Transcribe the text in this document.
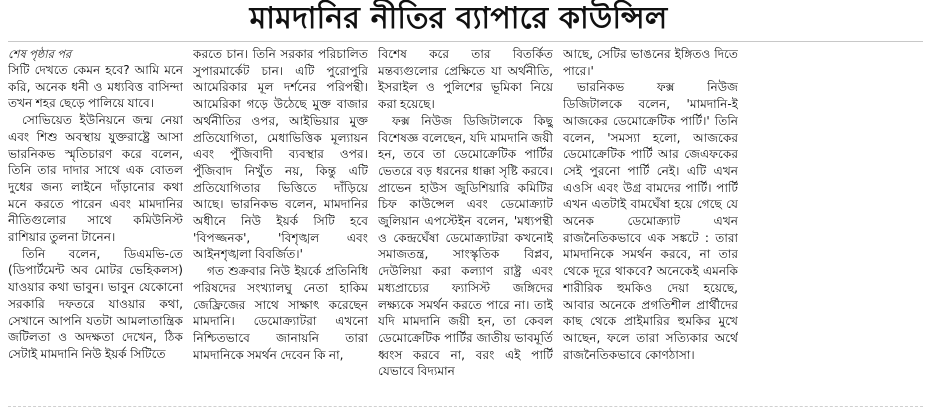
মামদানির নীতির ব্যাপারে কাউন্সিল

শেষ পৃষ্ঠার পর

সিটি দেখতে কেমন হবে? আমি মনে করি, অনেক ধনী ও মধ্যবিত্ত বাসিন্দা তখন শহর ছেড়ে পালিয়ে যাবে।

সোভিয়েত ইউনিয়নে জন্ম নেয়া এবং শিশু অবস্থায় যুক্তরাষ্ট্রে আসা ভারনিকভ স্মৃতিচারণ করে বলেন, তিনি তার দাদার সাথে এক বোতল দুধের জন্য লাইনে দাঁড়ানোর কথা মনে করতে পারেন এবং মামদানির নীতিগুলোর সাথে কমিউনিস্ট রাশিয়ার তুলনা টানেন।

তিনি বলেন, ডিএমভি-তে (ডিপার্টমেন্ট অব মোটর ভেহিকলস) যাওয়ার কথা ভাবুন। ভাবুন যেকোনো সরকারি দফতরে যাওয়ার কথা, সেখানে আপনি যতটা আমলাতান্ত্রিক জটিলতা ও অদক্ষতা দেখেন, ঠিক সেটাই মামদানি নিউ ইয়র্ক সিটিতে

করতে চান। তিনি সরকার পরিচালিত সুপারমার্কেট চান। এটি পুরোপুরি আমেরিকার মূল দর্শনের পরিপন্থী। আমেরিকা গড়ে উঠেছে মুক্ত বাজার অর্থনীতির ওপর, আইভিয়ার মুক্ত প্রতিযোগিতা, মেধাভিত্তিক মূল্যায়ন এবং পুঁজিবাদী ব্যবস্থার ওপর। পুঁজিবাদ নিখুঁত নয়, কিন্তু এটি প্রতিযোগিতার ভিত্তিতে দাঁড়িয়ে আছে। ভারনিকভ বলেন, মামদানির অধীনে নিউ ইয়র্ক সিটি হবে 'বিপজ্জনক', 'বিশৃঙ্খল এবং আইনশৃঙ্খলা বিবর্জিত।'

গত শুক্রবার নিউ ইয়র্কে প্রতিনিধি পরিষদের সংখ্যালঘু নেতা হাকিম জেফ্রিজের সাথে সাক্ষাৎ করেছেন মামদানি। ডেমোক্র্যাটরা এখনো নিশ্চিতভাবে জানায়নি তারা মামদানিকে সমর্থন দেবেন কি না,

বিশেষ করে তার বিতর্কিত মন্তব্যগুলোর প্রেক্ষিতে যা অর্থনীতি, ইসরাইল ও পুলিশের ভূমিকা নিয়ে করা হয়েছে।

ফক্স নিউজ ডিজিটালকে কিছু বিশেষজ্ঞ বলেছেন, যদি মামদানি জয়ী হন, তবে তা ডেমোক্রেটিক পার্টির ভেতরে বড় ধরনের ধাক্কা সৃষ্টি করবে। প্রাভেন হাউস জুডিশিয়ারি কমিটির চিফ কাউন্সেল এবং ডেমোক্র্যাট জুলিয়ান এপস্টেইন বলেন, 'মধ্যপন্থী ও কেন্দ্রঘেঁষা ডেমোক্র্যাটরা কখনোই সমাজতন্ত্র, সাংস্কৃতিক বিপ্লব, দেউলিয়া করা কল্যাণ রাষ্ট্র এবং মধ্যপ্রাচ্যের ফ্যাসিস্ট জঙ্গিদের লক্ষ্যকে সমর্থন করতে পারে না। তাই যদি মামদানি জয়ী হন, তা কেবল ডেমোক্রেটিক পার্টির জাতীয় ভাবমূর্তি ধ্বংস করবে না, বরং এই পার্টি যেভাবে বিদ্যমান

আছে, সেটির ভাঙনের ইঙ্গিতও দিতে পারে।'

ভারনিকভ ফক্স নিউজ ডিজিটালকে বলেন, 'মামদানি-ই আজকের ডেমোক্রেটিক পার্টি।' তিনি বলেন, 'সমস্যা হলো, আজকের ডেমোক্রেটিক পার্টি আর জেএফকের সেই পুরনো পার্টি নেই। এটি এখন এওসি এবং উগ্র বামদের পার্টি। পার্টি এখন এতটাই বামঘেঁষা হয়ে গেছে যে অনেক ডেমোক্র্যাট এখন রাজনৈতিকভাবে এক সঙ্কটে : তারা মামদানিকে সমর্থন করবে, না তার থেকে দূরে থাকবে? অনেকেই এমনকি শারীরিক হুমকিও দেয়া হয়েছে, আবার অনেকে প্রগতিশীল প্রার্থীদের কাছ থেকে প্রাইমারির হুমকির মুখে আছেন, ফলে তারা সত্যিকার অর্থে রাজনৈতিকভাবে কোণঠাসা।
